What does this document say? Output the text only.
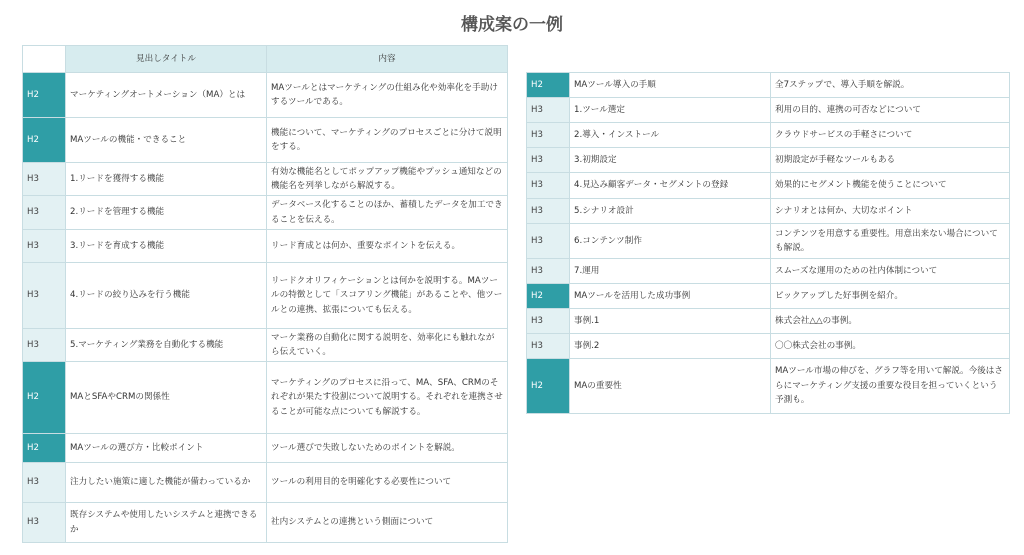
構成案の一例
	見出しタイトル	内容
H2	マーケティングオートメーション（MA）とは	MAツールとはマーケティングの仕組み化や効率化を手助けするツールである。
H2	MAツールの機能・できること	機能について、マーケティングのプロセスごとに分けて説明をする。
H3	1.リードを獲得する機能	有効な機能名としてポップアップ機能やプッシュ通知などの機能名を列挙しながら解説する。
H3	2.リードを管理する機能	データベース化することのほか、蓄積したデータを加工できることを伝える。
H3	3.リードを育成する機能	リード育成とは何か、重要なポイントを伝える。
H3	4.リードの絞り込みを行う機能	リードクオリフィケーションとは何かを説明する。MAツールの特徴として「スコアリング機能」があることや、他ツールとの連携、拡張についても伝える。
H3	5.マーケティング業務を自動化する機能	マーケ業務の自動化に関する説明を、効率化にも触れながら伝えていく。
H2	MAとSFAやCRMの関係性	マーケティングのプロセスに沿って、MA、SFA、CRMのそれぞれが果たす役割について説明する。それぞれを連携させることが可能な点についても解説する。
H2	MAツールの選び方・比較ポイント	ツール選びで失敗しないためのポイントを解説。
H3	注力したい施策に適した機能が備わっているか	ツールの利用目的を明確化する必要性について
H3	既存システムや使用したいシステムと連携できるか	社内システムとの連携という側面について
H2	MAツール導入の手順	全7ステップで、導入手順を解説。
H3	1.ツール選定	利用の目的、連携の可否などについて
H3	2.導入・インストール	クラウドサービスの手軽さについて
H3	3.初期設定	初期設定が手軽なツールもある
H3	4.見込み顧客データ・セグメントの登録	効果的にセグメント機能を使うことについて
H3	5.シナリオ設計	シナリオとは何か、大切なポイント
H3	6.コンテンツ制作	コンテンツを用意する重要性。用意出来ない場合についても解説。
H3	7.運用	スムーズな運用のための社内体制について
H2	MAツールを活用した成功事例	ピックアップした好事例を紹介。
H3	事例.1	株式会社△△の事例。
H3	事例.2	〇〇株式会社の事例。
H2	MAの重要性	MAツール市場の伸びを、グラフ等を用いて解説。今後はさらにマーケティング支援の重要な役目を担っていくという予測も。
